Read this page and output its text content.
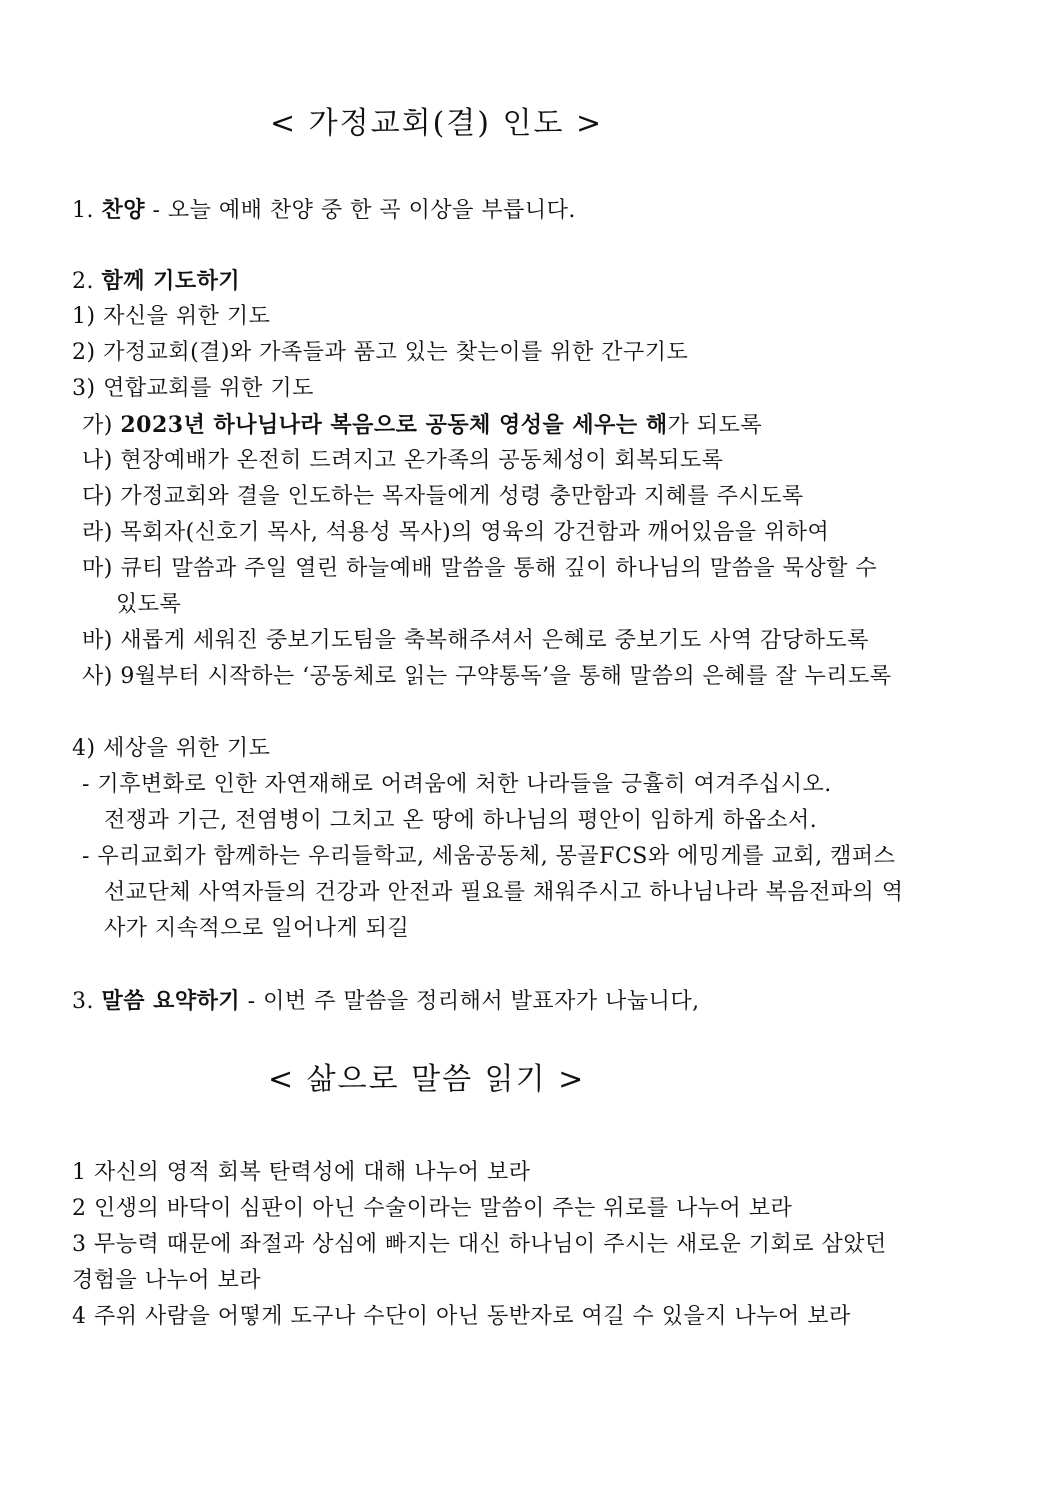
< 가정교회(결) 인도 >
1. 찬양 - 오늘 예배 찬양 중 한 곡 이상을 부릅니다.
2. 함께 기도하기
1) 자신을 위한 기도
2) 가정교회(결)와 가족들과 품고 있는 찾는이를 위한 간구기도
3) 연합교회를 위한 기도
가) 2023년 하나님나라 복음으로 공동체 영성을 세우는 해가 되도록
나) 현장예배가 온전히 드려지고 온가족의 공동체성이 회복되도록
다) 가정교회와 결을 인도하는 목자들에게 성령 충만함과 지혜를 주시도록
라) 목회자(신호기 목사, 석용성 목사)의 영육의 강건함과 깨어있음을 위하여
마) 큐티 말씀과 주일 열린 하늘예배 말씀을 통해 깊이 하나님의 말씀을 묵상할 수
있도록
바) 새롭게 세워진 중보기도팀을 축복해주셔서 은혜로 중보기도 사역 감당하도록
사) 9월부터 시작하는 ‘공동체로 읽는 구약통독’을 통해 말씀의 은혜를 잘 누리도록
4) 세상을 위한 기도
- 기후변화로 인한 자연재해로 어려움에 처한 나라들을 긍휼히 여겨주십시오.
전쟁과 기근, 전염병이 그치고 온 땅에 하나님의 평안이 임하게 하옵소서.
- 우리교회가 함께하는 우리들학교, 세움공동체, 몽골FCS와 에밍게를 교회, 캠퍼스
선교단체 사역자들의 건강과 안전과 필요를 채워주시고 하나님나라 복음전파의 역
사가 지속적으로 일어나게 되길
3. 말씀 요약하기 - 이번 주 말씀을 정리해서 발표자가 나눕니다,
< 삶으로 말씀 읽기 >
1 자신의 영적 회복 탄력성에 대해 나누어 보라
2 인생의 바닥이 심판이 아닌 수술이라는 말씀이 주는 위로를 나누어 보라
3 무능력 때문에 좌절과 상심에 빠지는 대신 하나님이 주시는 새로운 기회로 삼았던
경험을 나누어 보라
4 주위 사람을 어떻게 도구나 수단이 아닌 동반자로 여길 수 있을지 나누어 보라
